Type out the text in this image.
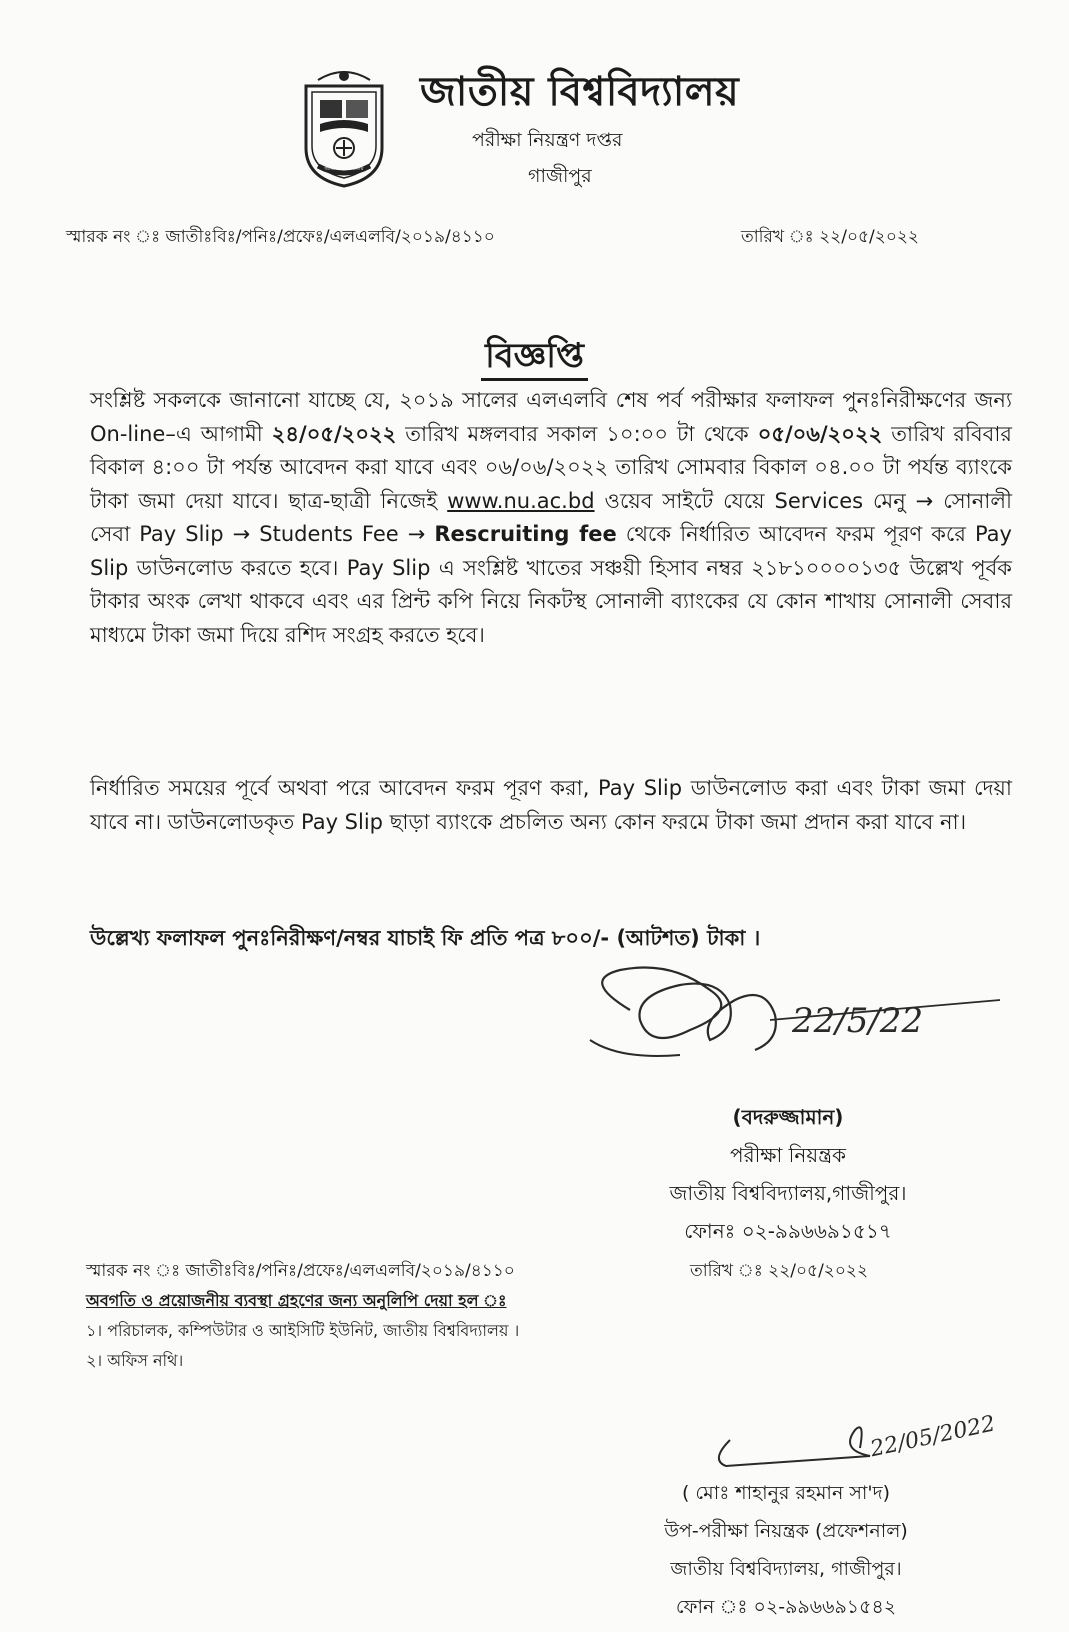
জাতীয় বিশ্ববিদ্যালয়
জাতীয় বিশ্ববিদ্যালয়
পরীক্ষা নিয়ন্ত্রণ দপ্তর
গাজীপুর
স্মারক নং ঃ জাতীঃবিঃ/পনিঃ/প্রফেঃ/এলএলবি/২০১৯/৪১১০	তারিখ ঃ ২২/০৫/২০২২
বিজ্ঞপ্তি
সংশ্লিষ্ট সকলকে জানানো যাচ্ছে যে, ২০১৯ সালের এলএলবি শেষ পর্ব পরীক্ষার ফলাফল পুনঃনিরীক্ষণের জন্য On-line–এ আগামী ২৪/০৫/২০২২ তারিখ মঙ্গলবার সকাল ১০:০০ টা থেকে ০৫/০৬/২০২২ তারিখ রবিবার বিকাল ৪:০০ টা পর্যন্ত আবেদন করা যাবে এবং ০৬/০৬/২০২২ তারিখ সোমবার বিকাল ০৪.০০ টা পর্যন্ত ব্যাংকে টাকা জমা দেয়া যাবে। ছাত্র-ছাত্রী নিজেই www.nu.ac.bd ওয়েব সাইটে যেয়ে Services মেনু → সোনালী সেবা Pay Slip → Students Fee → Rescruiting fee থেকে নির্ধারিত আবেদন ফরম পূরণ করে Pay Slip ডাউনলোড করতে হবে। Pay Slip এ সংশ্লিষ্ট খাতের সঞ্চয়ী হিসাব নম্বর ২১৮১০০০০১৩৫ উল্লেখ পূর্বক টাকার অংক লেখা থাকবে এবং এর প্রিন্ট কপি নিয়ে নিকটস্থ সোনালী ব্যাংকের যে কোন শাখায় সোনালী সেবার মাধ্যমে টাকা জমা দিয়ে রশিদ সংগ্রহ করতে হবে।
নির্ধারিত সময়ের পূর্বে অথবা পরে আবেদন ফরম পূরণ করা, Pay Slip ডাউনলোড করা এবং টাকা জমা দেয়া যাবে না। ডাউনলোডকৃত Pay Slip ছাড়া ব্যাংকে প্রচলিত অন্য কোন ফরমে টাকা জমা প্রদান করা যাবে না।
উল্লেখ্য ফলাফল পুনঃনিরীক্ষণ/নম্বর যাচাই ফি প্রতি পত্র ৮০০/- (আটশত) টাকা ।
22/5/22
(বদরুজ্জামান)
পরীক্ষা নিয়ন্ত্রক
জাতীয় বিশ্ববিদ্যালয়,গাজীপুর।
ফোনঃ ০২-৯৯৬৬৯১৫১৭
স্মারক নং ঃ জাতীঃবিঃ/পনিঃ/প্রফেঃ/এলএলবি/২০১৯/৪১১০	তারিখ ঃ ২২/০৫/২০২২
অবগতি ও প্রয়োজনীয় ব্যবস্থা গ্রহণের জন্য অনুলিপি দেয়া হল ঃ
১। পরিচালক, কম্পিউটার ও আইসিটি ইউনিট, জাতীয় বিশ্ববিদ্যালয় ।
২। অফিস নথি।
22/05/2022
( মোঃ শাহানুর রহমান সা'দ)
উপ-পরীক্ষা নিয়ন্ত্রক (প্রফেশনাল)
জাতীয় বিশ্ববিদ্যালয়, গাজীপুর।
ফোন ঃ ০২-৯৯৬৬৯১৫৪২
